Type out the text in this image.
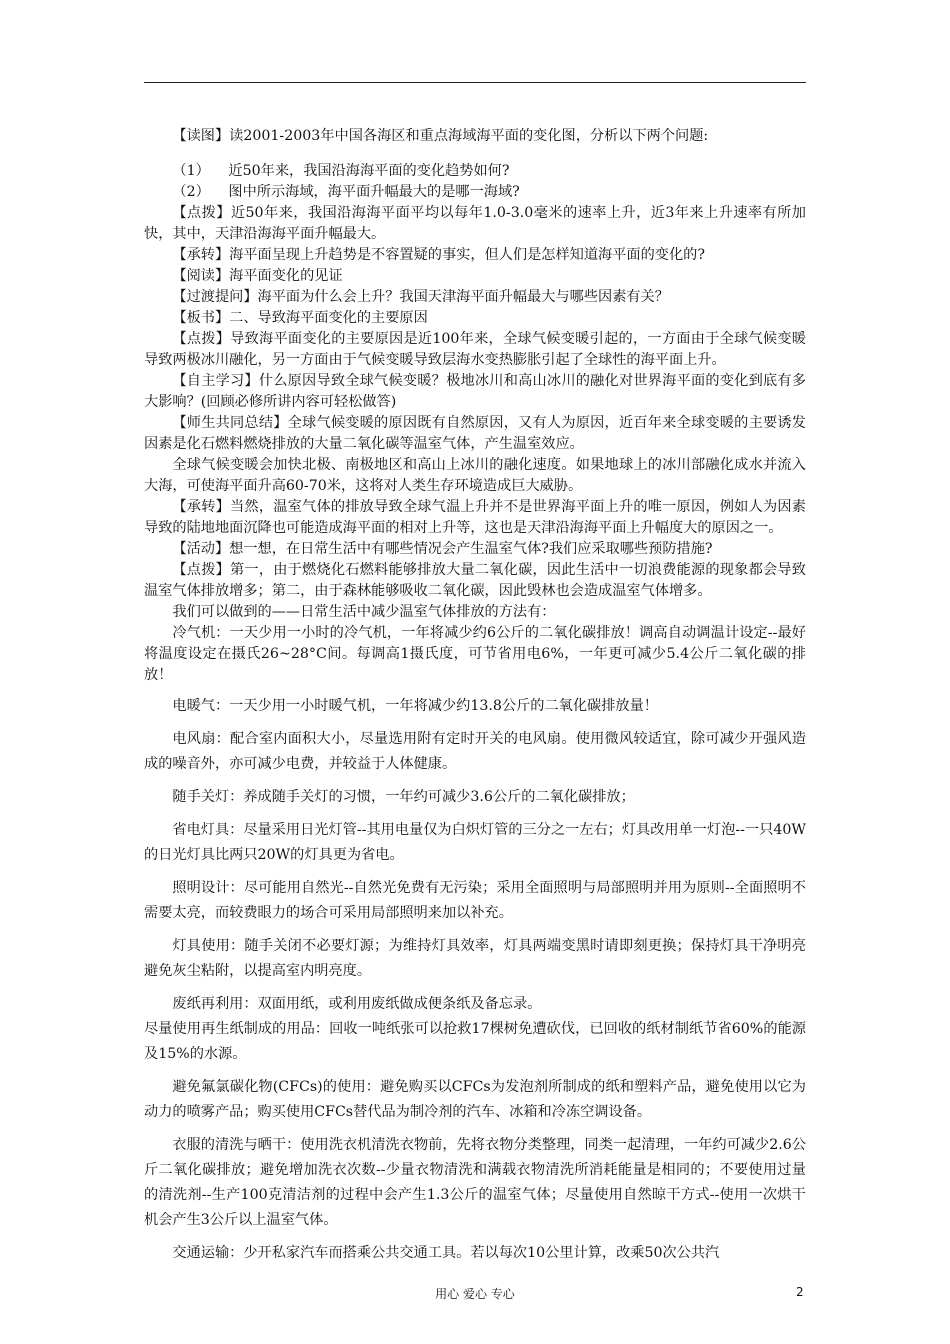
【读图】读2001-2003年中国各海区和重点海域海平面的变化图，分析以下两个问题:

（1） 近50年来，我国沿海海平面的变化趋势如何?

（2） 图中所示海域，海平面升幅最大的是哪一海域?

【点拨】近50年来，我国沿海海平面平均以每年1.0-3.0毫米的速率上升，近3年来上升速率有所加快，其中，天津沿海海平面升幅最大。

【承转】海平面呈现上升趋势是不容置疑的事实，但人们是怎样知道海平面的变化的?

【阅读】海平面变化的见证

【过渡提问】海平面为什么会上升？我国天津海平面升幅最大与哪些因素有关？

【板书】二、导致海平面变化的主要原因

【点拨】导致海平面变化的主要原因是近100年来，全球气候变暖引起的，一方面由于全球气候变暖导致两极冰川融化，另一方面由于气候变暖导致层海水变热膨胀引起了全球性的海平面上升。

【自主学习】什么原因导致全球气候变暖？极地冰川和高山冰川的融化对世界海平面的变化到底有多大影响？(回顾必修所讲内容可轻松做答)

【师生共同总结】全球气候变暖的原因既有自然原因，又有人为原因，近百年来全球变暖的主要诱发因素是化石燃料燃烧排放的大量二氧化碳等温室气体，产生温室效应。

全球气候变暖会加快北极、南极地区和高山上冰川的融化速度。如果地球上的冰川部融化成水并流入大海，可使海平面升高60-70米，这将对人类生存环境造成巨大威胁。

【承转】当然，温室气体的排放导致全球气温上升并不是世界海平面上升的唯一原因，例如人为因素导致的陆地地面沉降也可能造成海平面的相对上升等，这也是天津沿海海平面上升幅度大的原因之一。

【活动】想一想，在日常生活中有哪些情况会产生温室气体?我们应采取哪些预防措施?

【点拨】第一，由于燃烧化石燃料能够排放大量二氧化碳，因此生活中一切浪费能源的现象都会导致温室气体排放增多；第二，由于森林能够吸收二氧化碳，因此毁林也会造成温室气体增多。

我们可以做到的——日常生活中减少温室气体排放的方法有：

冷气机：一天少用一小时的冷气机，一年将减少约6公斤的二氧化碳排放！调高自动调温计设定--最好将温度设定在摄氏26~28°C间。每调高1摄氏度，可节省用电6%，一年更可减少5.4公斤二氧化碳的排放！

电暖气：一天少用一小时暖气机，一年将减少约13.8公斤的二氧化碳排放量！

电风扇：配合室内面积大小，尽量选用附有定时开关的电风扇。使用微风较适宜，除可减少开强风造成的噪音外，亦可减少电费，并较益于人体健康。

随手关灯：养成随手关灯的习惯，一年约可减少3.6公斤的二氧化碳排放；

省电灯具：尽量采用日光灯管--其用电量仅为白炽灯管的三分之一左右；灯具改用单一灯泡--一只40W的日光灯具比两只20W的灯具更为省电。

照明设计：尽可能用自然光--自然光免费有无污染；采用全面照明与局部照明并用为原则--全面照明不需要太亮，而较费眼力的场合可采用局部照明来加以补充。

灯具使用：随手关闭不必要灯源；为维持灯具效率，灯具两端变黑时请即刻更换；保持灯具干净明亮避免灰尘粘附，以提高室内明亮度。

废纸再利用：双面用纸，或利用废纸做成便条纸及备忘录。

尽量使用再生纸制成的用品：回收一吨纸张可以抢救17棵树免遭砍伐，已回收的纸材制纸节省60%的能源及15%的水源。

避免氟氯碳化物(CFCs)的使用：避免购买以CFCs为发泡剂所制成的纸和塑料产品，避免使用以它为动力的喷雾产品；购买使用CFCs替代品为制冷剂的汽车、冰箱和冷冻空调设备。

衣服的清洗与晒干：使用洗衣机清洗衣物前，先将衣物分类整理，同类一起清理，一年约可减少2.6公斤二氧化碳排放；避免增加洗衣次数--少量衣物清洗和满载衣物清洗所消耗能量是相同的；不要使用过量的清洗剂--生产100克清洁剂的过程中会产生1.3公斤的温室气体；尽量使用自然晾干方式--使用一次烘干机会产生3公斤以上温室气体。

交通运输：少开私家汽车而搭乘公共交通工具。若以每次10公里计算，改乘50次公共汽

用心 爱心 专心	2
